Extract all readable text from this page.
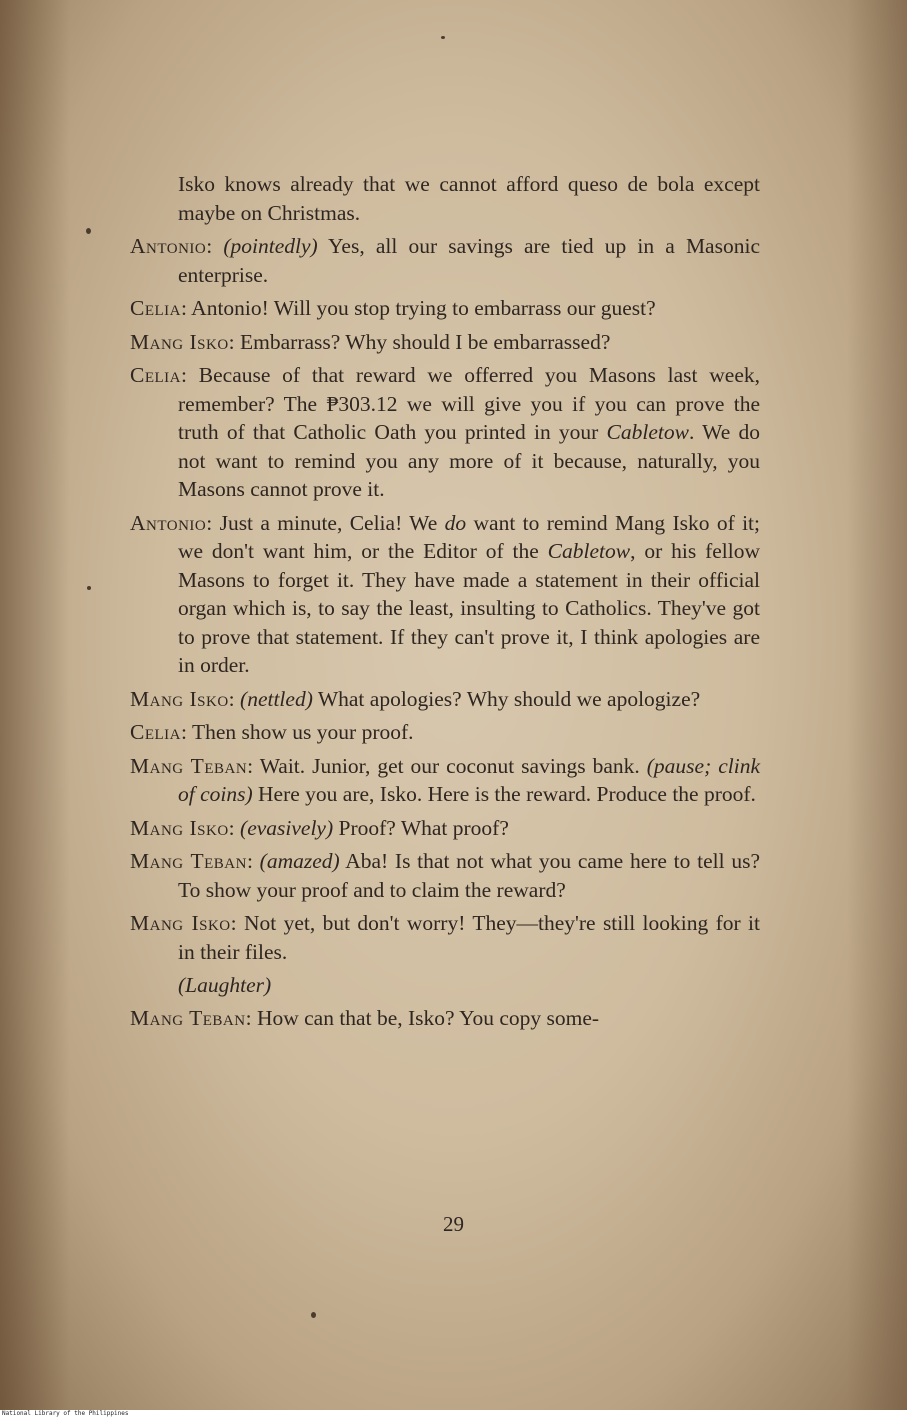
Isko knows already that we cannot afford queso de bola except maybe on Christmas.

Antonio: (pointedly) Yes, all our savings are tied up in a Masonic enterprise.

Celia: Antonio! Will you stop trying to embarrass our guest?

Mang Isko: Embarrass? Why should I be embarrassed?

Celia: Because of that reward we offerred you Masons last week, remember? The ₱303.12 we will give you if you can prove the truth of that Catholic Oath you printed in your Cabletow. We do not want to remind you any more of it because, naturally, you Masons cannot prove it.

Antonio: Just a minute, Celia! We do want to remind Mang Isko of it; we don't want him, or the Editor of the Cabletow, or his fellow Masons to forget it. They have made a statement in their official organ which is, to say the least, insulting to Catholics. They've got to prove that statement. If they can't prove it, I think apologies are in order.

Mang Isko: (nettled) What apologies? Why should we apologize?

Celia: Then show us your proof.

Mang Teban: Wait. Junior, get our coconut savings bank. (pause; clink of coins) Here you are, Isko. Here is the reward. Produce the proof.

Mang Isko: (evasively) Proof? What proof?

Mang Teban: (amazed) Aba! Is that not what you came here to tell us? To show your proof and to claim the reward?

Mang Isko: Not yet, but don't worry! They—they're still looking for it in their files.

(Laughter)

Mang Teban: How can that be, Isko? You copy some-

29
National Library of the Philippines
